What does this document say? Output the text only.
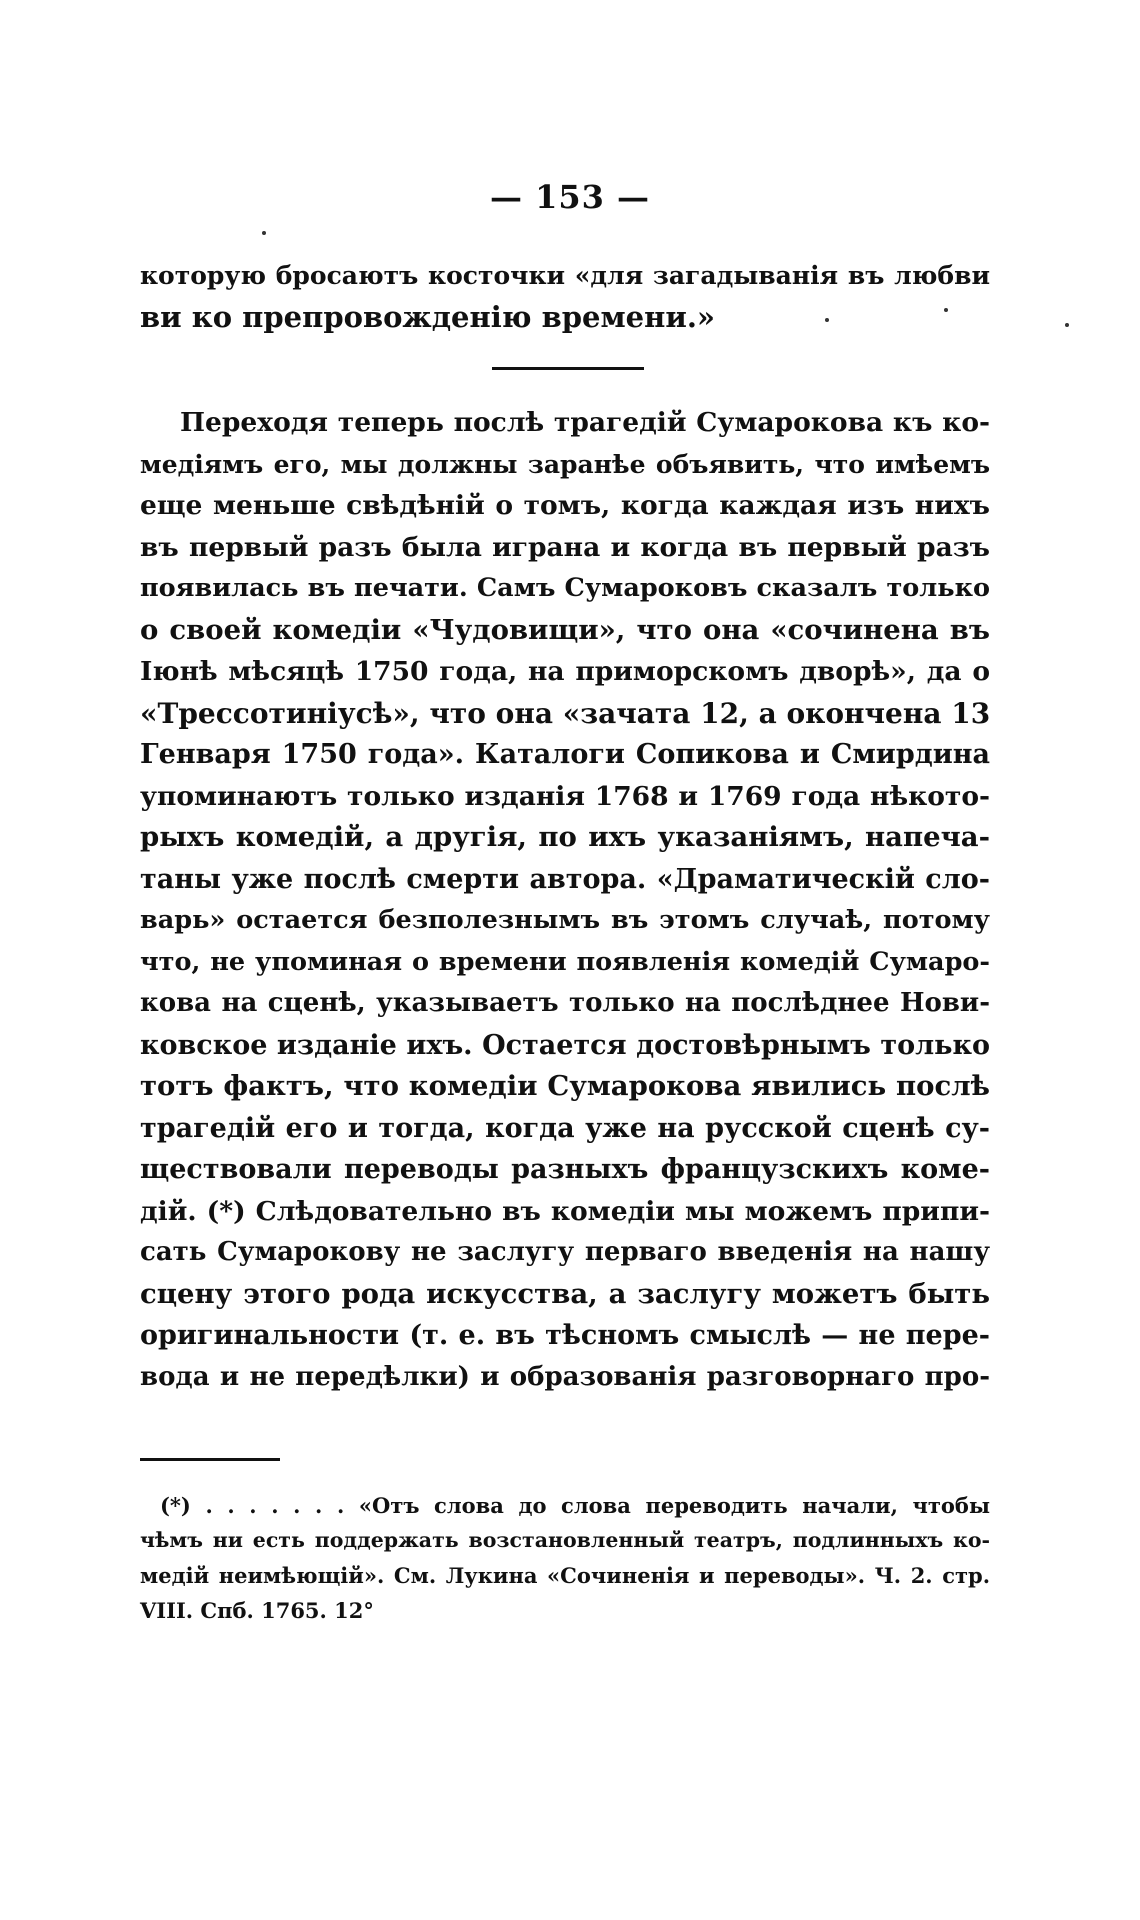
— 153 —
которую бросаютъ косточки «для загадыванія въ любви
ви ко препровожденію времени.»
Переходя теперь послѣ трагедій Сумарокова къ ко-
медіямъ его, мы должны заранѣе объявить, что имѣемъ
еще меньше свѣдѣній о томъ, когда каждая изъ нихъ
въ первый разъ была играна и когда въ первый разъ
появилась въ печати. Самъ Сумароковъ сказалъ только
о своей комедіи «Чудовищи», что она «сочинена въ
Іюнѣ мѣсяцѣ 1750 года, на приморскомъ дворѣ», да о
«Трессотиніусѣ», что она «зачата 12, а окончена 13
Генваря 1750 года». Каталоги Сопикова и Смирдина
упоминаютъ только изданія 1768 и 1769 года нѣкото-
рыхъ комедій, а другія, по ихъ указаніямъ, напеча-
таны уже послѣ смерти автора. «Драматическій сло-
варь» остается безполезнымъ въ этомъ случаѣ, потому
что, не упоминая о времени появленія комедій Сумаро-
кова на сценѣ, указываетъ только на послѣднее Нови-
ковское изданіе ихъ. Остается достовѣрнымъ только
тотъ фактъ, что комедіи Сумарокова явились послѣ
трагедій его и тогда, когда уже на русской сценѣ су-
ществовали переводы разныхъ французскихъ коме-
дій. (*) Слѣдовательно въ комедіи мы можемъ припи-
сать Сумарокову не заслугу перваго введенія на нашу
сцену этого рода искусства, а заслугу можетъ быть
оригинальности (т. е. въ тѣсномъ смыслѣ — не пере-
вода и не передѣлки) и образованія разговорнаго про-
(*) . . . . . . . «Отъ слова до слова переводить начали, чтобы
чѣмъ ни есть поддержать возстановленный театръ, подлинныхъ ко-
медій неимѣющій». См. Лукина «Сочиненія и переводы». Ч. 2. стр.
VIII. Спб. 1765. 12°
